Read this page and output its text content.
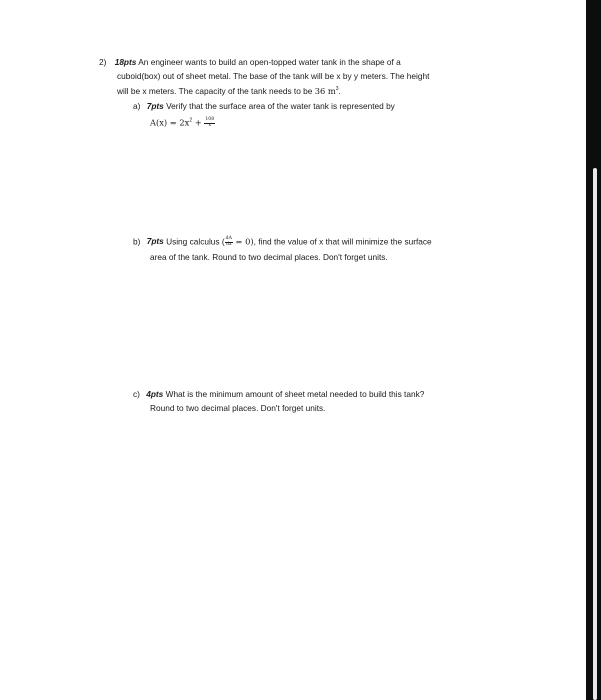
2) 18pts An engineer wants to build an open-topped water tank in the shape of a
cuboid(box) out of sheet metal. The base of the tank will be x by y meters. The height
will be x meters. The capacity of the tank needs to be 36 $m^3$.
a) 7pts Verify that the surface area of the water tank is represented by
$A(x) = 2x^2 + \frac{108}{x}$
b) 7pts Using calculus ( $\frac{dA}{dx} = 0$), find the value of x that will minimize the surface
area of the tank. Round to two decimal places. Don't forget units.
c) 4pts What is the minimum amount of sheet metal needed to build this tank?
Round to two decimal places. Don't forget units.
